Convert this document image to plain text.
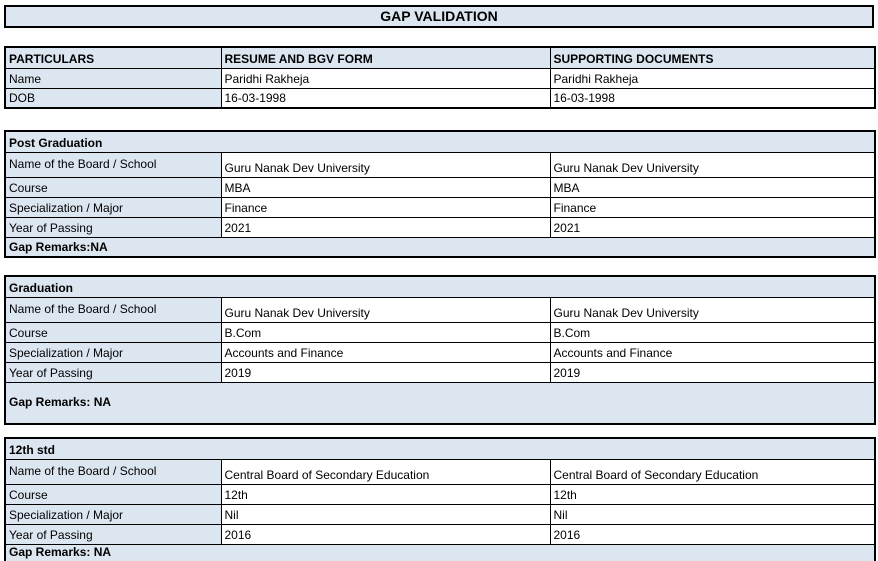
GAP VALIDATION
PARTICULARS	RESUME AND BGV FORM	SUPPORTING DOCUMENTS
Name	Paridhi Rakheja	Paridhi Rakheja
DOB	16-03-1998	16-03-1998
Post Graduation		
Name of the Board / School	Guru Nanak Dev University	Guru Nanak Dev University
Course	MBA	MBA
Specialization / Major	Finance	Finance
Year of Passing	2021	2021
Gap Remarks:NA		
Graduation		
Name of the Board / School	Guru Nanak Dev University	Guru Nanak Dev University
Course	B.Com	B.Com
Specialization / Major	Accounts and Finance	Accounts and Finance
Year of Passing	2019	2019
Gap Remarks: NA		
12th std		
Name of the Board / School	Central Board of Secondary Education	Central Board of Secondary Education
Course	12th	12th
Specialization / Major	Nil	Nil
Year of Passing	2016	2016
Gap Remarks: NA		
